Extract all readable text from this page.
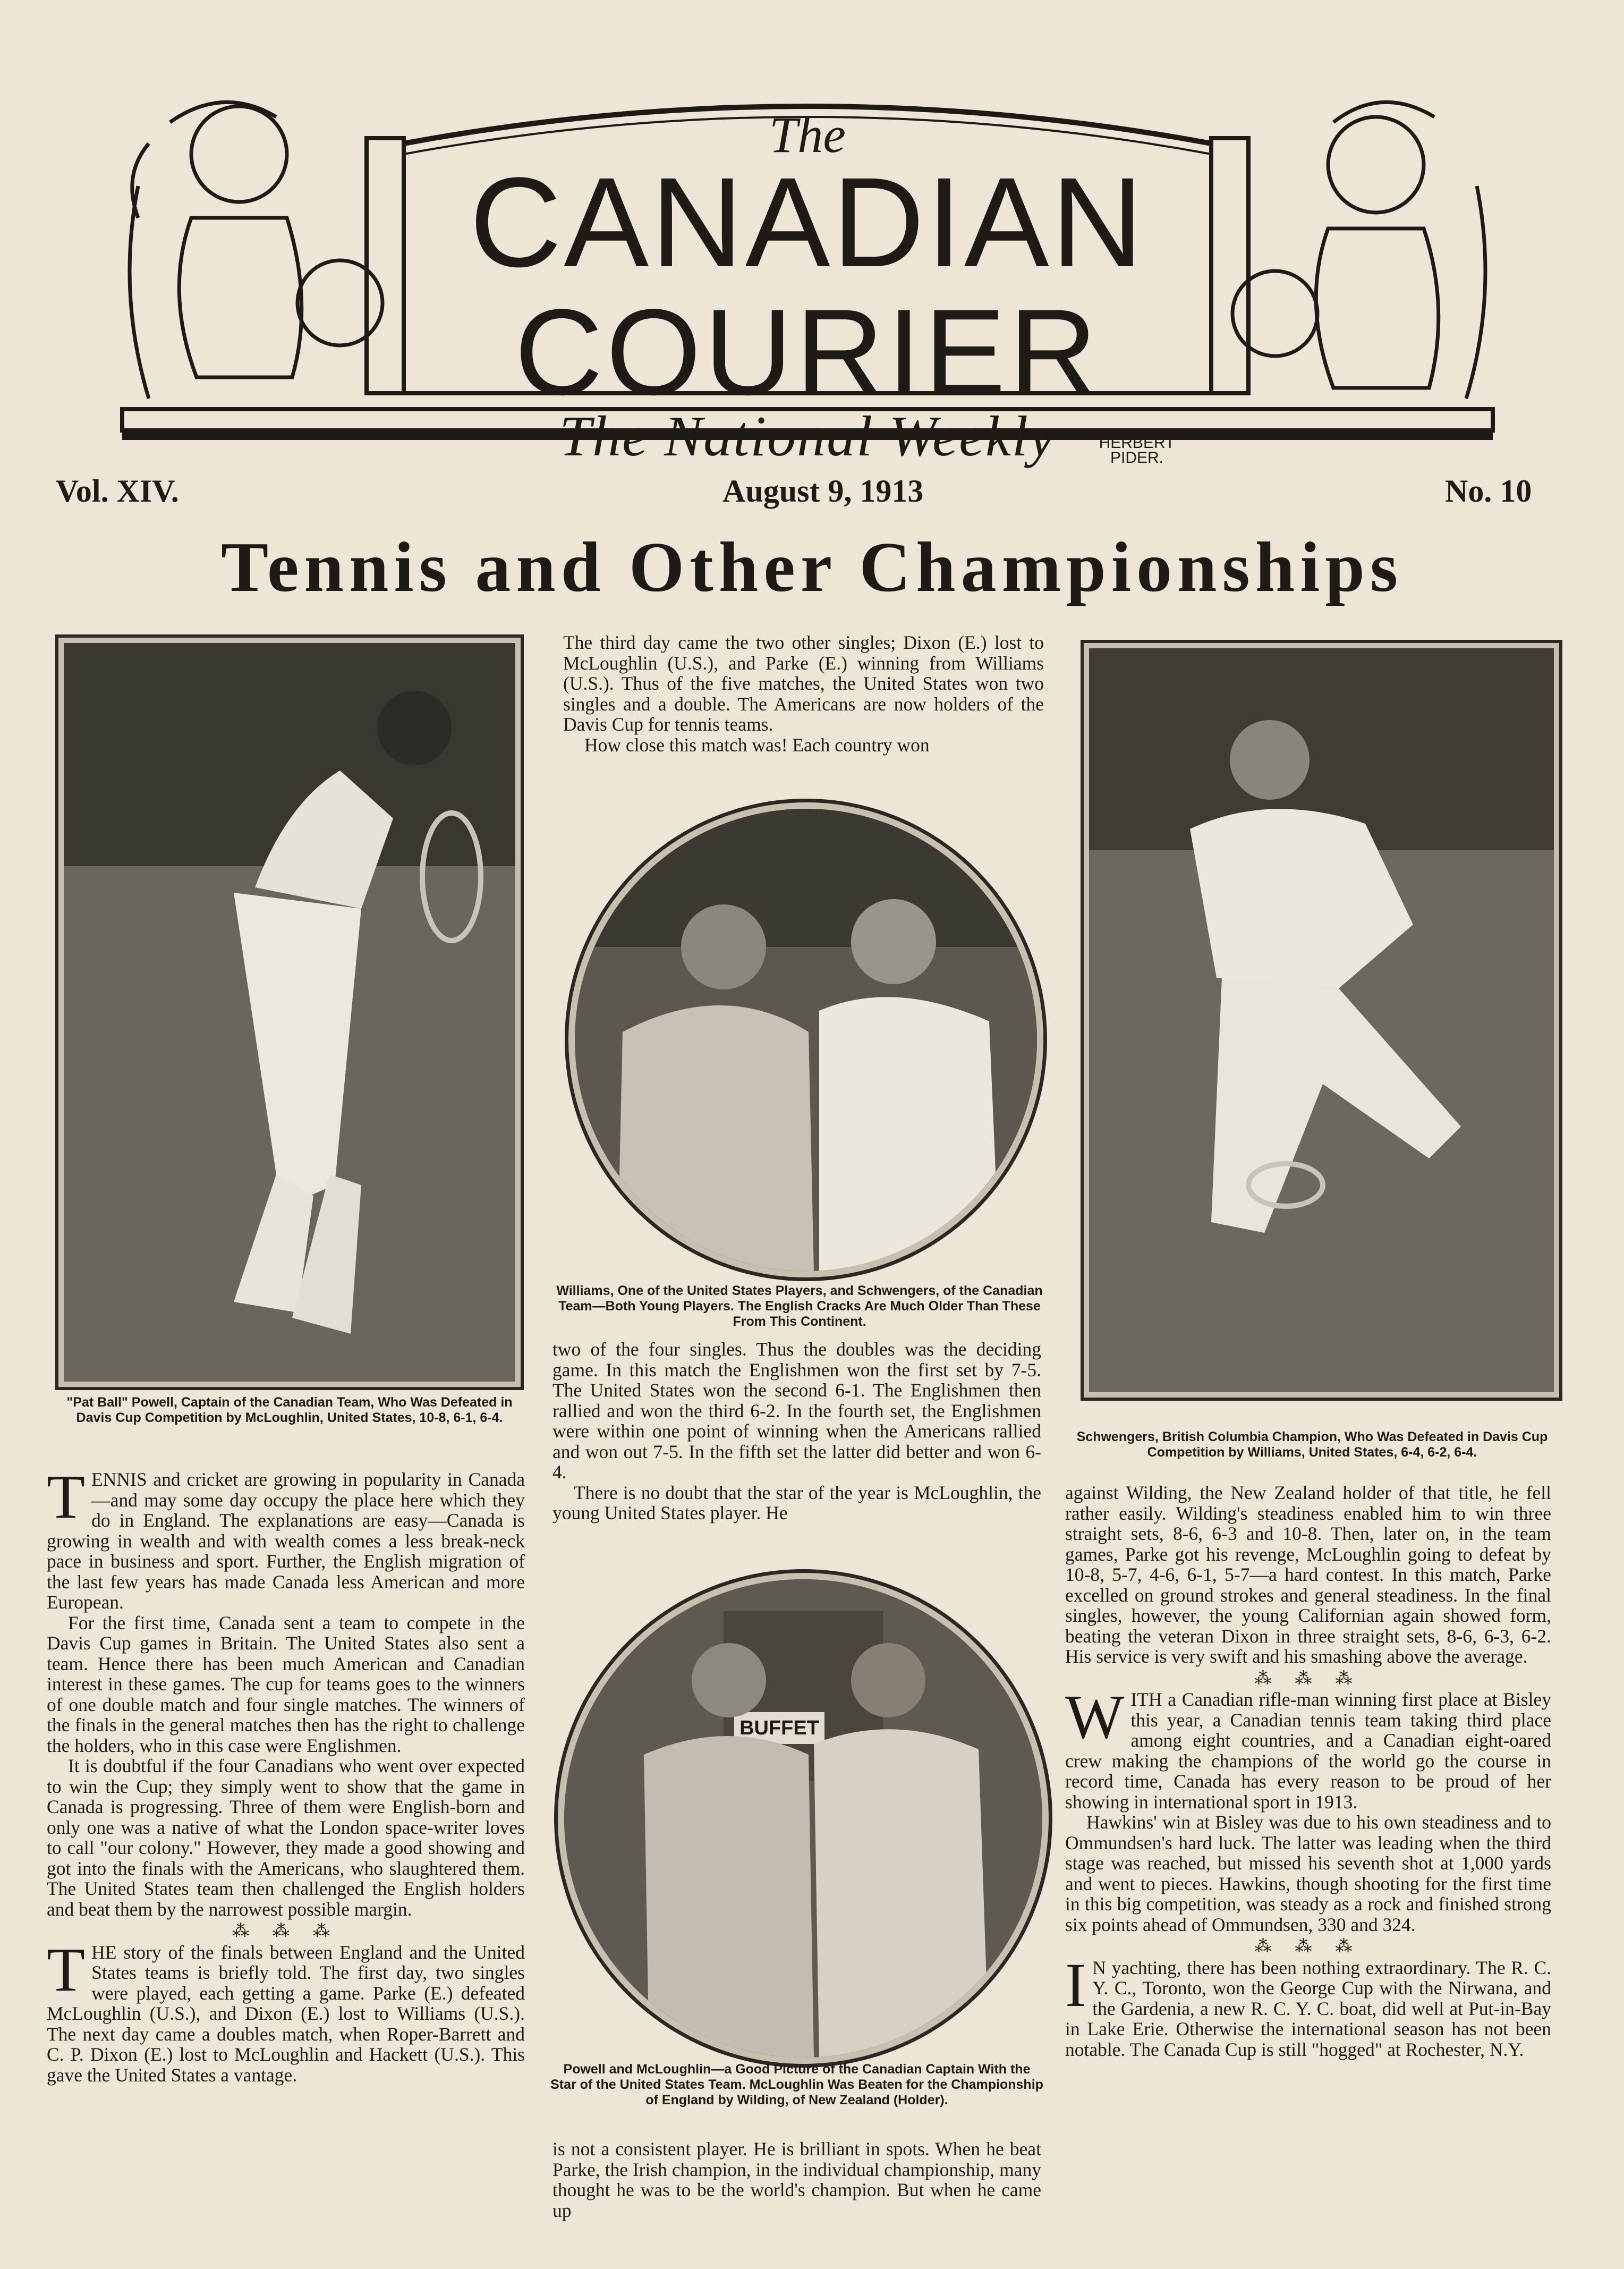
The
CANADIAN
COURIER
The National Weekly	HERBERT PIDER.
Vol. XIV.	August 9, 1913	No. 10
Tennis and Other Championships
"Pat Ball" Powell, Captain of the Canadian Team, Who Was Defeated in Davis Cup Competition by McLoughlin, United States, 10-8, 6-1, 6-4.
Schwengers, British Columbia Champion, Who Was Defeated in Davis Cup Competition by Williams, United States, 6-4, 6-2, 6-4.

The third day came the two other singles; Dixon (E.) lost to McLoughlin (U.S.), and Parke (E.) winning from Williams (U.S.). Thus of the five matches, the United States won two singles and a double. The Americans are now holders of the Davis Cup for tennis teams.

How close this match was! Each country won

Williams, One of the United States Players, and Schwengers, of the Canadian Team—Both Young Players. The English Cracks Are Much Older Than These From This Continent.

two of the four singles. Thus the doubles was the deciding game. In this match the Englishmen won the first set by 7-5. The United States won the second 6-1. The Englishmen then rallied and won the third 6-2. In the fourth set, the Englishmen were within one point of winning when the Americans rallied and won out 7-5. In the fifth set the latter did better and won 6-4.

There is no doubt that the star of the year is McLoughlin, the young United States player. He

BUFFET
Powell and McLoughlin—a Good Picture of the Canadian Captain With the Star of the United States Team. McLoughlin Was Beaten for the Championship of England by Wilding, of New Zealand (Holder).

is not a consistent player. He is brilliant in spots. When he beat Parke, the Irish champion, in the individual championship, many thought he was to be the world's champion. But when he came up

TENNIS and cricket are growing in popularity in Canada—and may some day occupy the place here which they do in England. The explanations are easy—Canada is growing in wealth and with wealth comes a less break-neck pace in business and sport. Further, the English migration of the last few years has made Canada less American and more European.

For the first time, Canada sent a team to compete in the Davis Cup games in Britain. The United States also sent a team. Hence there has been much American and Canadian interest in these games. The cup for teams goes to the winners of one double match and four single matches. The winners of the finals in the general matches then has the right to challenge the holders, who in this case were Englishmen.

It is doubtful if the four Canadians who went over expected to win the Cup; they simply went to show that the game in Canada is progressing. Three of them were English-born and only one was a native of what the London space-writer loves to call "our colony." However, they made a good showing and got into the finals with the Americans, who slaughtered them. The United States team then challenged the English holders and beat them by the narrowest possible margin.

⁂ ⁂ ⁂

THE story of the finals between England and the United States teams is briefly told. The first day, two singles were played, each getting a game. Parke (E.) defeated McLoughlin (U.S.), and Dixon (E.) lost to Williams (U.S.). The next day came a doubles match, when Roper-Barrett and C. P. Dixon (E.) lost to McLoughlin and Hackett (U.S.). This gave the United States a vantage.

against Wilding, the New Zealand holder of that title, he fell rather easily. Wilding's steadiness enabled him to win three straight sets, 8-6, 6-3 and 10-8. Then, later on, in the team games, Parke got his revenge, McLoughlin going to defeat by 10-8, 5-7, 4-6, 6-1, 5-7—a hard contest. In this match, Parke excelled on ground strokes and general steadiness. In the final singles, however, the young Californian again showed form, beating the veteran Dixon in three straight sets, 8-6, 6-3, 6-2. His service is very swift and his smashing above the average.

⁂ ⁂ ⁂

WITH a Canadian rifle-man winning first place at Bisley this year, a Canadian tennis team taking third place among eight countries, and a Canadian eight-oared crew making the champions of the world go the course in record time, Canada has every reason to be proud of her showing in international sport in 1913.

Hawkins' win at Bisley was due to his own steadiness and to Ommundsen's hard luck. The latter was leading when the third stage was reached, but missed his seventh shot at 1,000 yards and went to pieces. Hawkins, though shooting for the first time in this big competition, was steady as a rock and finished strong six points ahead of Ommundsen, 330 and 324.

⁂ ⁂ ⁂

I N yachting, there has been nothing extraordinary. The R. C. Y. C., Toronto, won the George Cup with the Nirwana, and the Gardenia, a new R. C. Y. C. boat, did well at Put-in-Bay in Lake Erie. Otherwise the international season has not been notable. The Canada Cup is still "hogged" at Rochester, N.Y.
